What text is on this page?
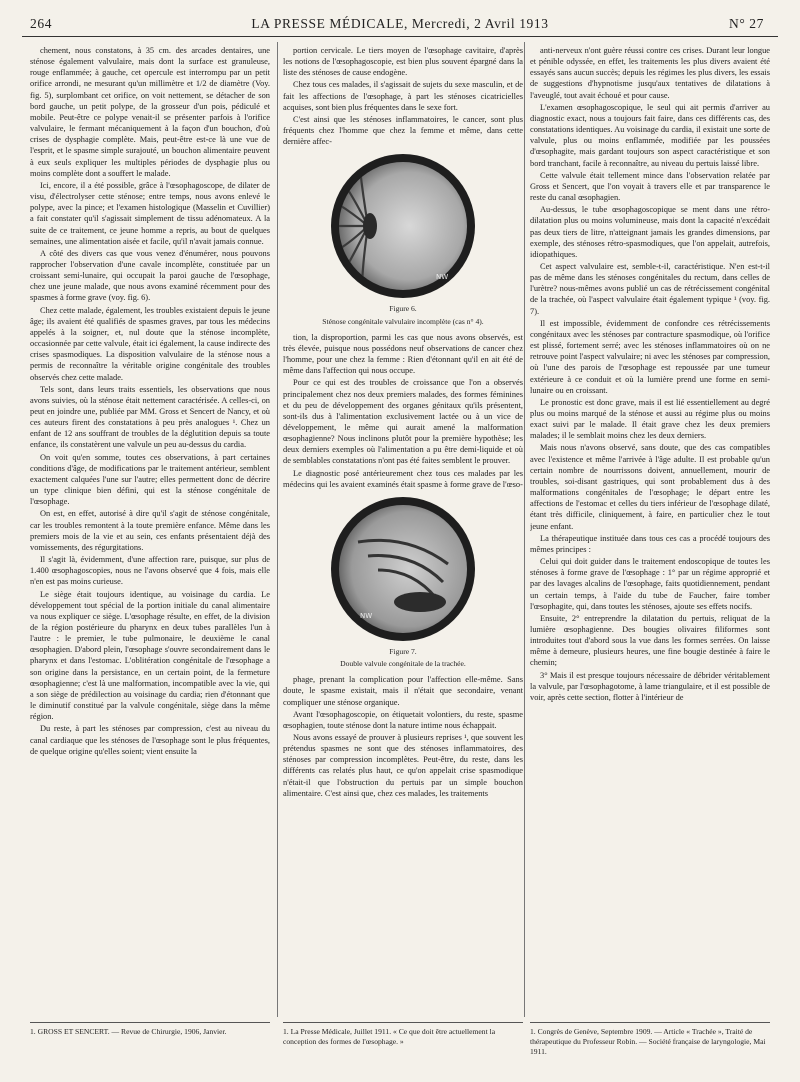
264	LA PRESSE MÉDICALE, Mercredi, 2 Avril 1913	N° 27

chement, nous constatons, à 35 cm. des arcades dentaires, une sténose également valvulaire, mais dont la surface est granuleuse, rouge enflammée; à gauche, cet opercule est interrompu par un petit orifice arrondi, ne mesurant qu'un millimètre et 1/2 de diamètre (Voy. fig. 5), surplombant cet orifice, on voit nettement, se détacher de son bord gauche, un petit polype, de la grosseur d'un pois, pédiculé et mobile. Peut-être ce polype venait-il se présenter parfois à l'orifice valvulaire, le fermant mécaniquement à la façon d'un bouchon, d'où crises de dysphagie complète. Mais, peut-être est-ce là une vue de l'esprit, et le spasme simple surajouté, un bouchon alimentaire peuvent à eux seuls expliquer les multiples périodes de dysphagie plus ou moins complète dont a souffert le malade.

Ici, encore, il a été possible, grâce à l'œsophagoscope, de dilater de visu, d'électrolyser cette sténose; entre temps, nous avons enlevé le polype, avec la pince; et l'examen histologique (Masselin et Cuvillier) a fait constater qu'il s'agissait simplement de tissu adénomateux. A la suite de ce traitement, ce jeune homme a repris, au bout de quelques semaines, une alimentation aisée et facile, qu'il n'avait jamais connue.

A côté des divers cas que vous venez d'énumérer, nous pouvons rapprocher l'observation d'une cavale incomplète, constituée par un croissant semi-lunaire, qui occupait la paroi gauche de l'œsophage, chez une jeune malade, que nous avons examiné récemment pour des spasmes à forme grave (voy. fig. 6).

Chez cette malade, également, les troubles existaient depuis le jeune âge; ils avaient été qualifiés de spasmes graves, par tous les médecins appelés à la soigner, et, nul doute que la sténose incomplète, occasionnée par cette valvule, était ici également, la cause indirecte des crises spasmodiques. La disposition valvulaire de la sténose nous a permis de reconnaître la véritable origine congénitale des troubles observés chez cette malade.

Tels sont, dans leurs traits essentiels, les observations que nous avons suivies, où la sténose était nettement caractérisée. A celles-ci, on peut en joindre une, publiée par MM. Gross et Sencert de Nancy, et où ces auteurs firent des constatations à peu près analogues ¹. Chez un enfant de 12 ans souffrant de troubles de la déglutition depuis sa toute enfance, ils constatèrent une valvule un peu au-dessus du cardia.

On voit qu'en somme, toutes ces observations, à part certaines conditions d'âge, de modifications par le traitement antérieur, semblent exactement calquées l'une sur l'autre; elles permettent donc de décrire un type clinique bien défini, qui est la sténose congénitale de l'œsophage.

On est, en effet, autorisé à dire qu'il s'agit de sténose congénitale, car les troubles remontent à la toute première enfance. Même dans les premiers mois de la vie et au sein, ces enfants présentaient déjà des vomissements, des régurgitations.

Il s'agit là, évidemment, d'une affection rare, puisque, sur plus de 1.400 œsophagoscopies, nous ne l'avons observé que 4 fois, mais elle n'en est pas moins curieuse.

Le siège était toujours identique, au voisinage du cardia. Le développement tout spécial de la portion initiale du canal alimentaire va nous expliquer ce siège. L'œsophage résulte, en effet, de la division de la région postérieure du pharynx en deux tubes parallèles l'un à l'autre : le premier, le tube pulmonaire, le deuxième le canal œsophagien. D'abord plein, l'œsophage s'ouvre secondairement dans le pharynx et dans l'estomac. L'oblitération congénitale de l'œsophage a son origine dans la persistance, en un certain point, de la fermeture œsophagienne; c'est là une malformation, incompatible avec la vie, qui a son siège de prédilection au voisinage du cardia; rien d'étonnant que le diminutif constitué par la valvule congénitale, siège dans la même région.

Du reste, à part les sténoses par compression, c'est au niveau du canal cardiaque que les sténoses de l'œsophage sont le plus fréquentes, de quelque origine qu'elles soient; vient ensuite la

portion cervicale. Le tiers moyen de l'œsophage cavitaire, d'après les notions de l'œsophagoscopie, est bien plus souvent épargné dans la liste des sténoses de cause endogène.

Chez tous ces malades, il s'agissait de sujets du sexe masculin, et de fait les affections de l'œsophage, à part les sténoses cicatricielles acquises, sont bien plus fréquentes dans le sexe fort.

C'est ainsi que les sténoses inflammatoires, le cancer, sont plus fréquents chez l'homme que chez la femme et même, dans cette dernière affec-

NW
Figure 6.
Sténose congénitale valvulaire incomplète (cas n° 4).

tion, la disproportion, parmi les cas que nous avons observés, est très élevée, puisque nous possédons neuf observations de cancer chez l'homme, pour une chez la femme : Rien d'étonnant qu'il en ait été de même dans l'affection qui nous occupe.

Pour ce qui est des troubles de croissance que l'on a observés principalement chez nos deux premiers malades, des formes féminines et du peu de développement des organes génitaux qu'ils présentent, sont-ils dus à l'alimentation exclusivement lactée ou à un vice de développement, le même qui aurait amené la malformation œsophagienne? Nous inclinons plutôt pour la première hypothèse; les deux derniers exemples où l'alimentation a pu être demi-liquide et où de semblables constatations n'ont pas été faites semblent le prouver.

Le diagnostic posé antérieurement chez tous ces malades par les médecins qui les avaient examinés était spasme à forme grave de l'œso-

NW
Figure 7.
Double valvule congénitale de la trachée.

phage, prenant la complication pour l'affection elle-même. Sans doute, le spasme existait, mais il n'était que secondaire, venant compliquer une sténose organique.

Avant l'œsophagoscopie, on étiquetait volontiers, du reste, spasme œsophagien, toute sténose dont la nature intime nous échappait.

Nous avons essayé de prouver à plusieurs reprises ¹, que souvent les prétendus spasmes ne sont que des sténoses inflammatoires, des sténoses par compression incomplètes. Peut-être, du reste, dans les différents cas relatés plus haut, ce qu'on appelait crise spasmodique n'était-il que l'obstruction du pertuis par un simple bouchon alimentaire. C'est ainsi que, chez ces malades, les traitements

anti-nerveux n'ont guère réussi contre ces crises. Durant leur longue et pénible odyssée, en effet, les traitements les plus divers avaient été essayés sans aucun succès; depuis les régimes les plus divers, les essais de suggestions d'hypnotisme jusqu'aux tentatives de dilatations à l'aveuglé, tout avait échoué et pour cause.

L'examen œsophagoscopique, le seul qui ait permis d'arriver au diagnostic exact, nous a toujours fait faire, dans ces différents cas, des constatations identiques. Au voisinage du cardia, il existait une sorte de valvule, plus ou moins enflammée, modifiée par les poussées d'œsophagite, mais gardant toujours son aspect caractéristique et son bord tranchant, facile à reconnaître, au niveau du pertuis laissé libre.

Cette valvule était tellement mince dans l'observation relatée par Gross et Sencert, que l'on voyait à travers elle et par transparence le reste du canal œsophagien.

Au-dessus, le tube œsophagoscopique se ment dans une rétro-dilatation plus ou moins volumineuse, mais dont la capacité n'excédait pas deux tiers de litre, n'atteignant jamais les grandes dimensions, par exemple, des sténoses rétro-spasmodiques, que l'on appelait, autrefois, idiopathiques.

Cet aspect valvulaire est, semble-t-il, caractéristique. N'en est-t-il pas de même dans les sténoses congénitales du rectum, dans celles de l'urètre? nous-mêmes avons publié un cas de rétrécissement congénital de la trachée, où l'aspect valvulaire était également typique ¹ (voy. fig. 7).

Il est impossible, évidemment de confondre ces rétrécissements congénitaux avec les sténoses par contracture spasmodique, où l'orifice est plissé, fortement serré; avec les sténoses inflammatoires où on ne retrouve point l'aspect valvulaire; ni avec les sténoses par compression, où l'une des parois de l'œsophage est repoussée par une tumeur extérieure à ce conduit et où la lumière prend une forme en semi-lunaire ou en croissant.

Le pronostic est donc grave, mais il est lié essentiellement au degré plus ou moins marqué de la sténose et aussi au régime plus ou moins exact suivi par le malade. Il était grave chez les deux premiers malades; il le semblait moins chez les deux derniers.

Mais nous n'avons observé, sans doute, que des cas compatibles avec l'existence et même l'arrivée à l'âge adulte. Il est probable qu'un certain nombre de nourrissons doivent, annuellement, mourir de troubles, soi-disant gastriques, qui sont probablement dus à des malformations congénitales de l'œsophage; le départ entre les affections de l'estomac et celles du tiers inférieur de l'œsophage dilaté, étant très difficile, cliniquement, à faire, en particulier chez le tout jeune enfant.

La thérapeutique instituée dans tous ces cas a procédé toujours des mêmes principes :

Celui qui doit guider dans le traitement endoscopique de toutes les sténoses à forme grave de l'œsophage : 1° par un régime approprié et par des lavages alcalins de l'œsophage, faits quotidiennement, pendant un certain temps, à l'aide du tube de Faucher, faire tomber l'œsophagite, qui, dans toutes les sténoses, ajoute ses effets nocifs.

Ensuite, 2° entreprendre la dilatation du pertuis, reliquat de la lumière œsophagienne. Des bougies olivaires filiformes sont introduites tout d'abord sous la vue dans les formes serrées. On laisse même à demeure, plusieurs heures, une fine bougie destinée à faire le chemin;

3° Mais il est presque toujours nécessaire de débrider véritablement la valvule, par l'œsophagotome, à lame triangulaire, et il est possible de voir, après cette section, flotter à l'intérieur de

1. GROSS ET SENCERT. — Revue de Chirurgie, 1906, Janvier.	1. La Presse Médicale, Juillet 1911. « Ce que doit être actuellement la conception des formes de l'œsophage. »

1. Congrès de Genève, Septembre 1909. — Article « Trachée », Traité de thérapeutique du Professeur Robin. — Société française de laryngologie, Mai 1911.
